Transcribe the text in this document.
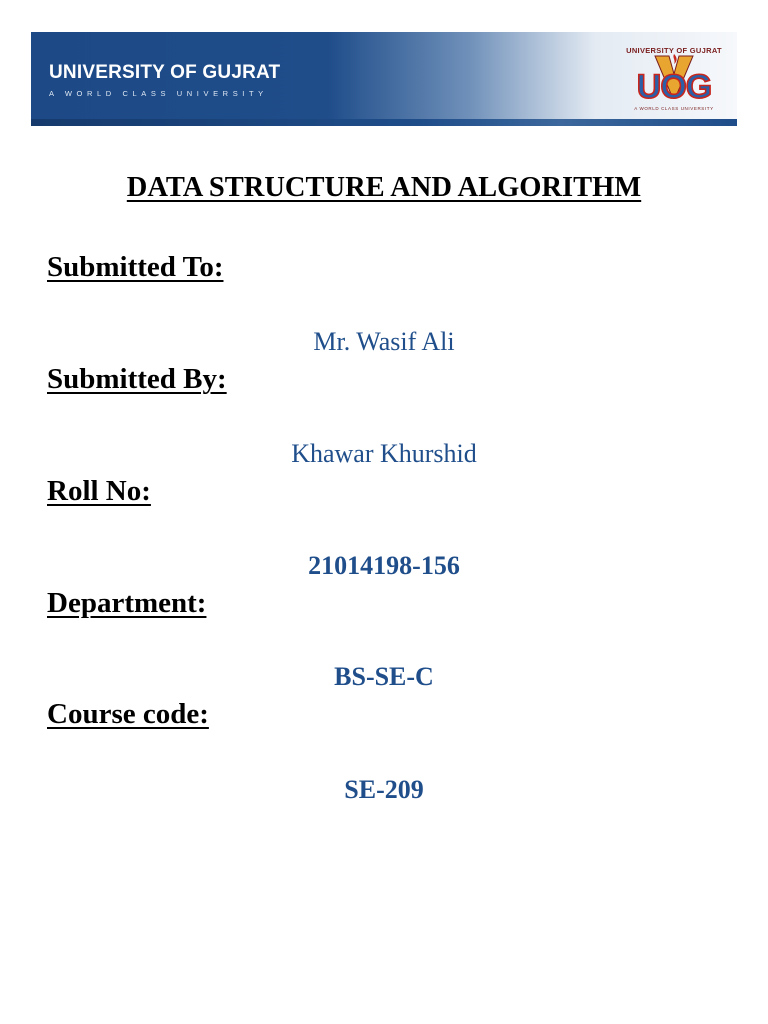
UNIVERSITY OF GUJRAT
A WORLD CLASS UNIVERSITY
UNIVERSITY OF GUJRAT
UOG
A WORLD CLASS UNIVERSITY
DATA STRUCTURE AND ALGORITHM
Submitted To:
Mr. Wasif Ali
Submitted By:
Khawar Khurshid
Roll No:
21014198-156
Department:
BS-SE-C
Course code:
SE-209
